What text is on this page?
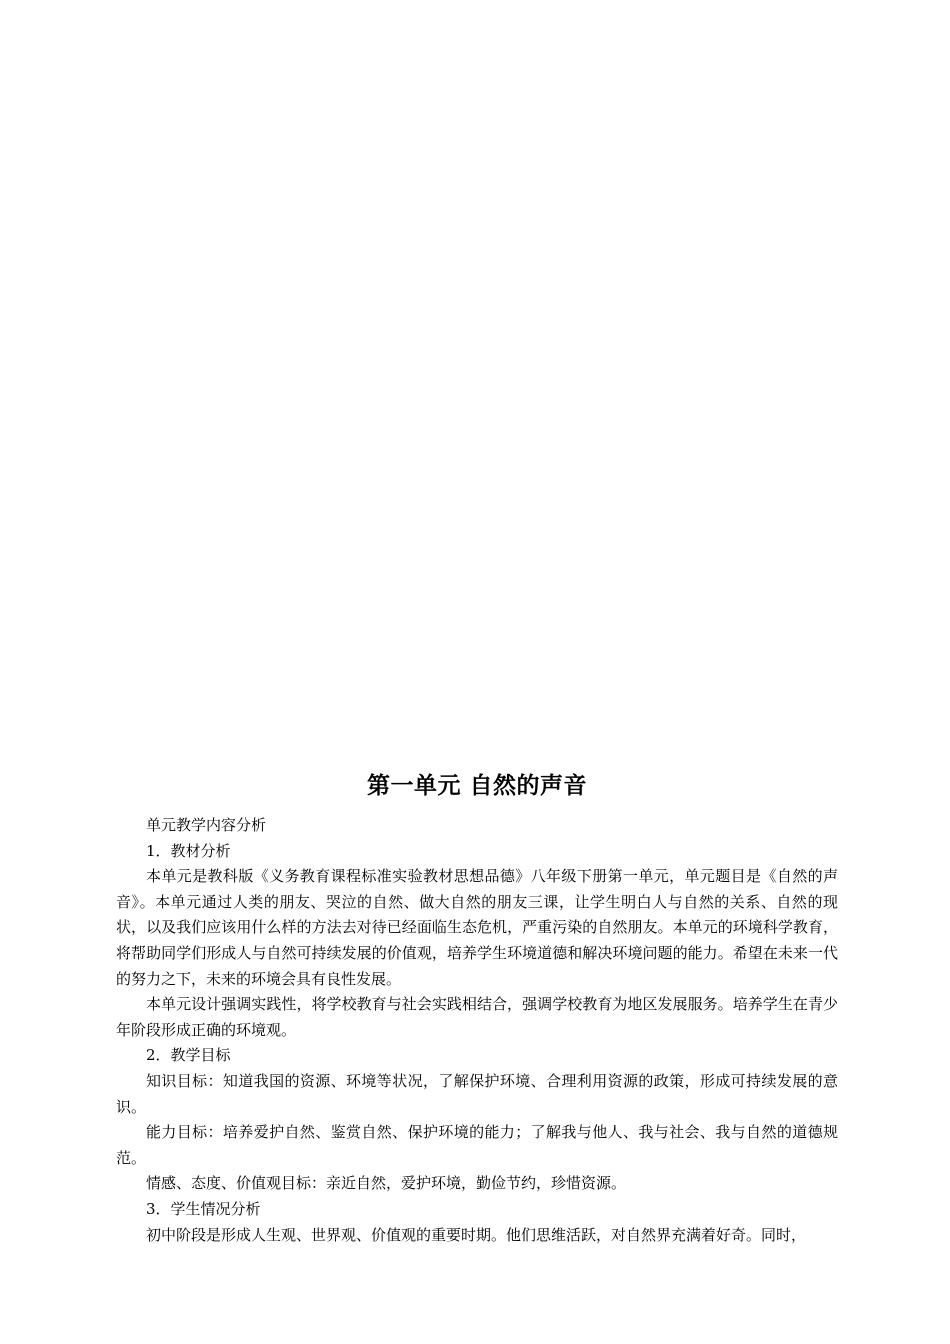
第一单元 自然的声音

单元教学内容分析

1．教材分析

本单元是教科版《义务教育课程标准实验教材思想品德》八年级下册第一单元，单元题目是《自然的声音》。本单元通过人类的朋友、哭泣的自然、做大自然的朋友三课，让学生明白人与自然的关系、自然的现状，以及我们应该用什么样的方法去对待已经面临生态危机，严重污染的自然朋友。本单元的环境科学教育，将帮助同学们形成人与自然可持续发展的价值观，培养学生环境道德和解决环境问题的能力。希望在未来一代的努力之下，未来的环境会具有良性发展。

本单元设计强调实践性，将学校教育与社会实践相结合，强调学校教育为地区发展服务。培养学生在青少年阶段形成正确的环境观。

2．教学目标

知识目标：知道我国的资源、环境等状况，了解保护环境、合理利用资源的政策，形成可持续发展的意识。

能力目标：培养爱护自然、鉴赏自然、保护环境的能力；了解我与他人、我与社会、我与自然的道德规范。

情感、态度、价值观目标：亲近自然，爱护环境，勤俭节约，珍惜资源。

3．学生情况分析

初中阶段是形成人生观、世界观、价值观的重要时期。他们思维活跃，对自然界充满着好奇。同时，
